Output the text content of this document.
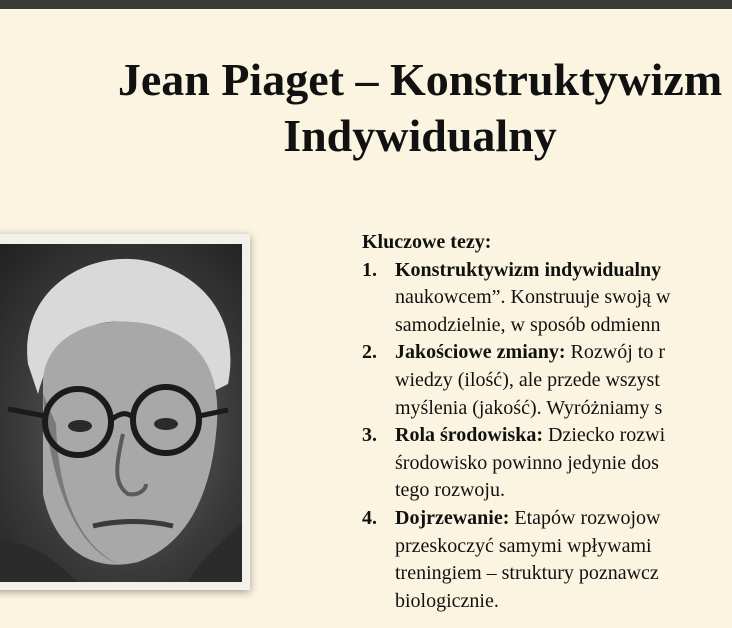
Jean Piaget – Konstruktywizm
Indywidualny
Kluczowe tezy:
1. Konstruktywizm indywidualny
naukowcem”. Konstruuje swoją w
samodzielnie, w sposób odmienn
2. Jakościowe zmiany: Rozwój to r
wiedzy (ilość), ale przede wszyst
myślenia (jakość). Wyróżniamy s
3. Rola środowiska: Dziecko rozwi
środowisko powinno jedynie dos
tego rozwoju.
4. Dojrzewanie: Etapów rozwojow
przeskoczyć samymi wpływami
treningiem – struktury poznawcz
biologicznie.
